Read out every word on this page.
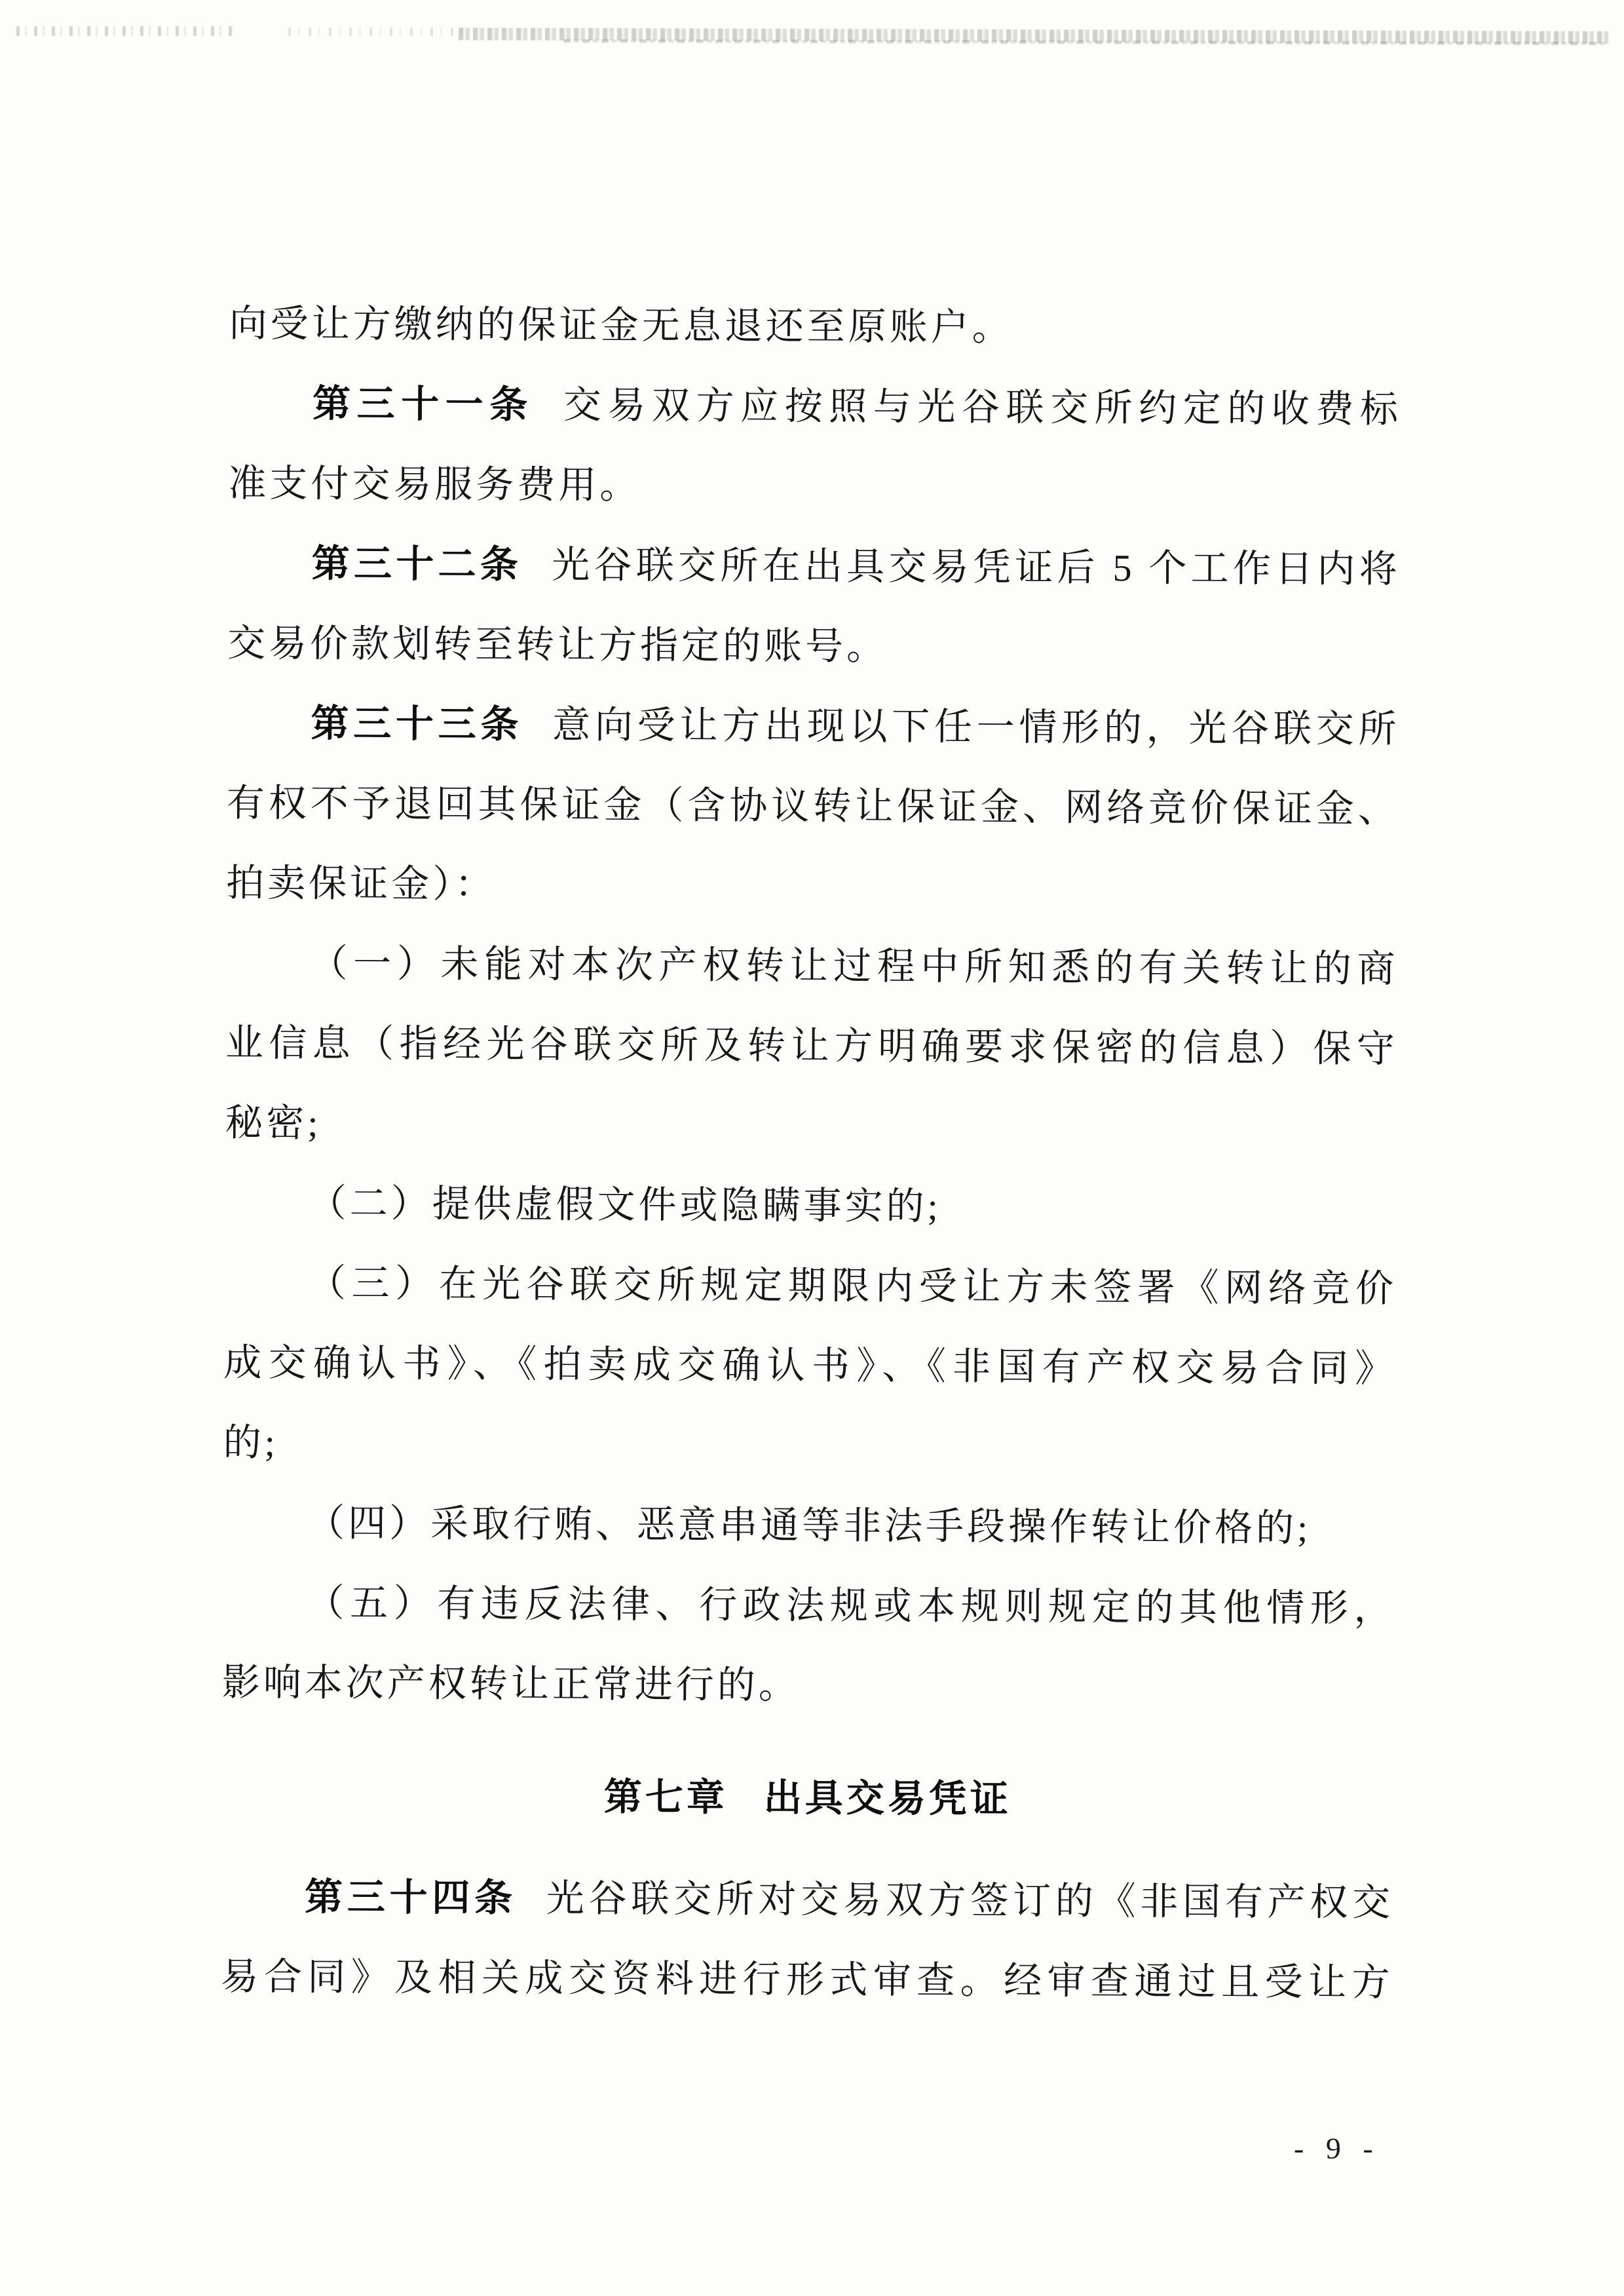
向受让方缴纳的保证金无息退还至原账户。
第三十一条 交易双方应按照与光谷联交所约定的收费标
准支付交易服务费用。
第三十二条 光谷联交所在出具交易凭证后 5 个工作日内将
交易价款划转至转让方指定的账号。
第三十三条 意向受让方出现以下任一情形的，光谷联交所
有权不予退回其保证金（含协议转让保证金、网络竞价保证金、
拍卖保证金）：
（一）未能对本次产权转让过程中所知悉的有关转让的商
业信息（指经光谷联交所及转让方明确要求保密的信息）保守
秘密;
（二）提供虚假文件或隐瞒事实的;
（三）在光谷联交所规定期限内受让方未签署《网络竞价
成交确认书》、《拍卖成交确认书》、《非国有产权交易合同》
的;
（四）采取行贿、恶意串通等非法手段操作转让价格的;
（五）有违反法律、行政法规或本规则规定的其他情形，
影响本次产权转让正常进行的。
第七章 出具交易凭证
第三十四条 光谷联交所对交易双方签订的《非国有产权交
易合同》及相关成交资料进行形式审查。经审查通过且受让方
- 9 -
